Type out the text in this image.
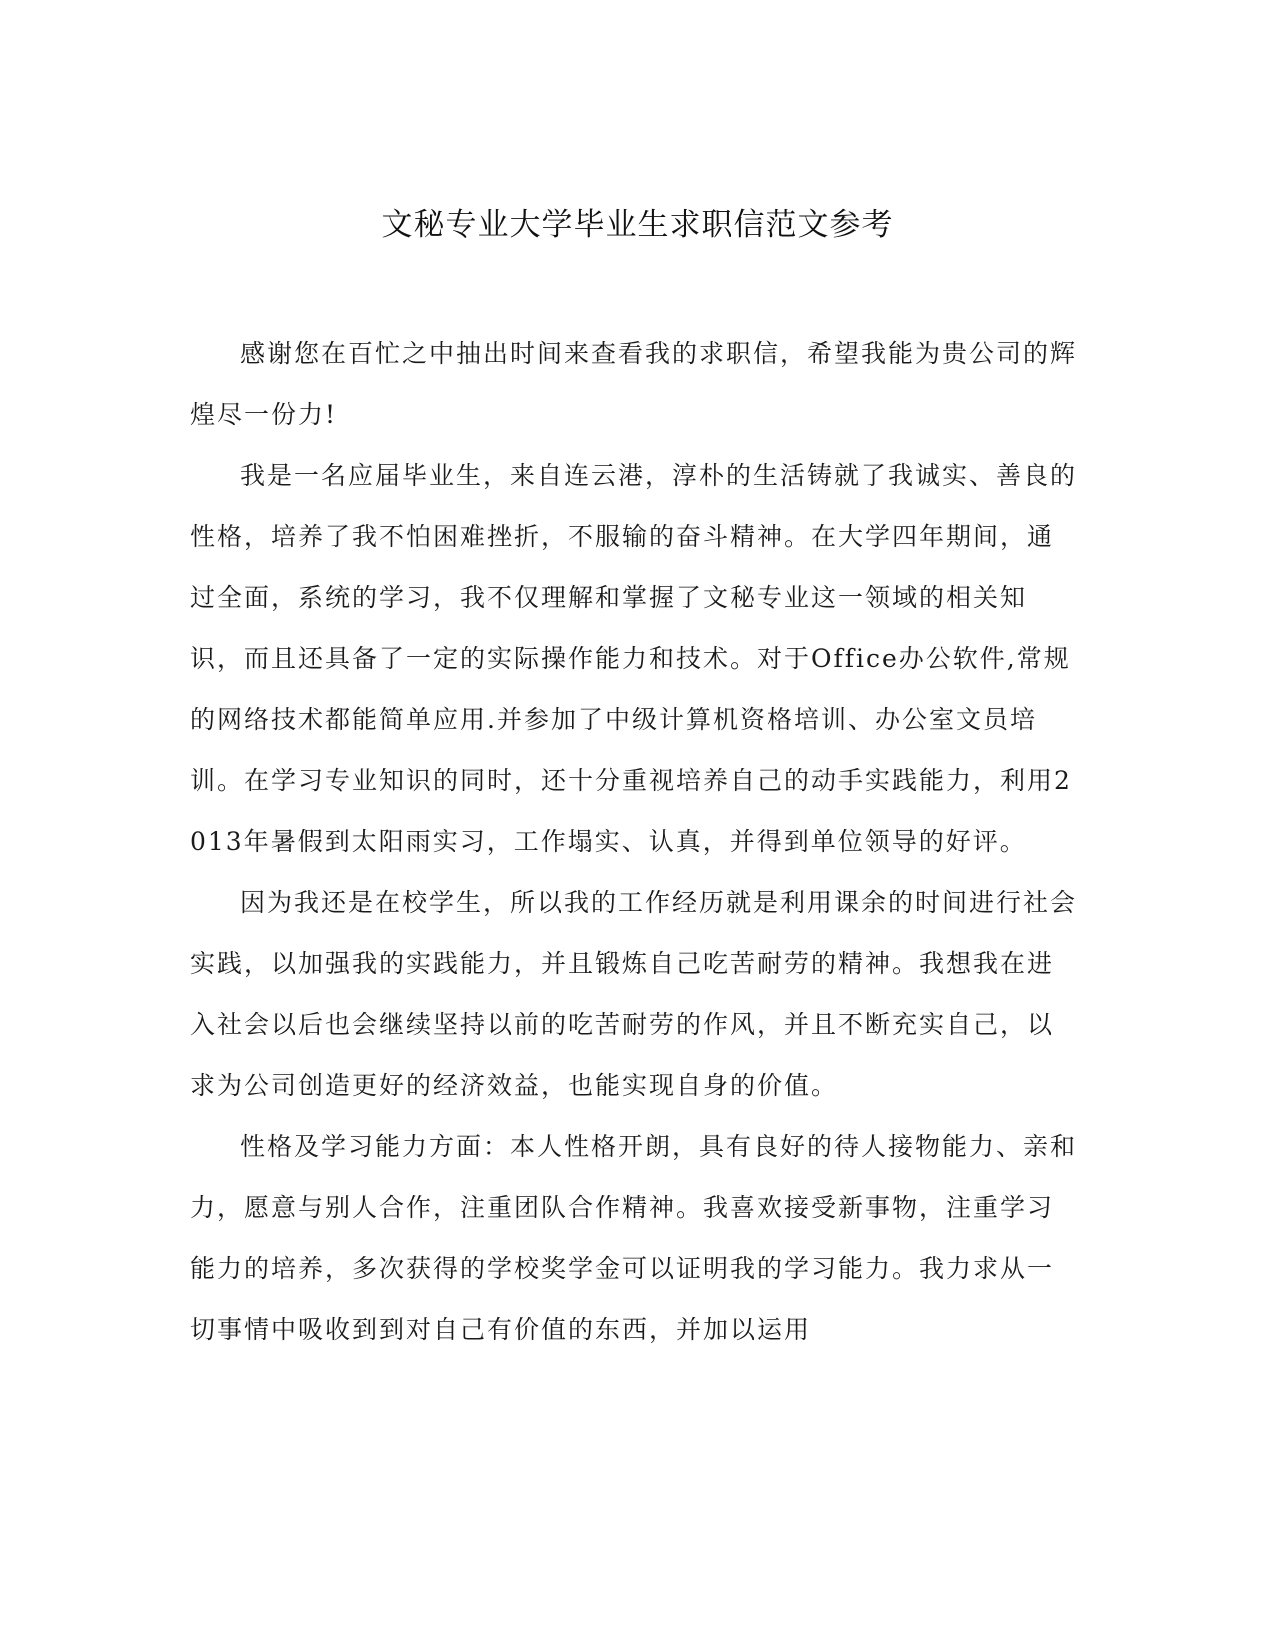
文秘专业大学毕业生求职信范文参考

感谢您在百忙之中抽出时间来查看我的求职信，希望我能为贵公司的辉煌尽一份力!

我是一名应届毕业生，来自连云港，淳朴的生活铸就了我诚实、善良的性格，培养了我不怕困难挫折，不服输的奋斗精神。在大学四年期间，通过全面，系统的学习，我不仅理解和掌握了文秘专业这一领域的相关知识，而且还具备了一定的实际操作能力和技术。对于Office办公软件,常规的网络技术都能简单应用.并参加了中级计算机资格培训、办公室文员培训。在学习专业知识的同时，还十分重视培养自己的动手实践能力，利用2013年暑假到太阳雨实习，工作塌实、认真，并得到单位领导的好评。

因为我还是在校学生，所以我的工作经历就是利用课余的时间进行社会实践，以加强我的实践能力，并且锻炼自己吃苦耐劳的精神。我想我在进入社会以后也会继续坚持以前的吃苦耐劳的作风，并且不断充实自己，以求为公司创造更好的经济效益，也能实现自身的价值。

性格及学习能力方面：本人性格开朗，具有良好的待人接物能力、亲和力，愿意与别人合作，注重团队合作精神。我喜欢接受新事物，注重学习能力的培养，多次获得的学校奖学金可以证明我的学习能力。我力求从一切事情中吸收到到对自己有价值的东西，并加以运用
